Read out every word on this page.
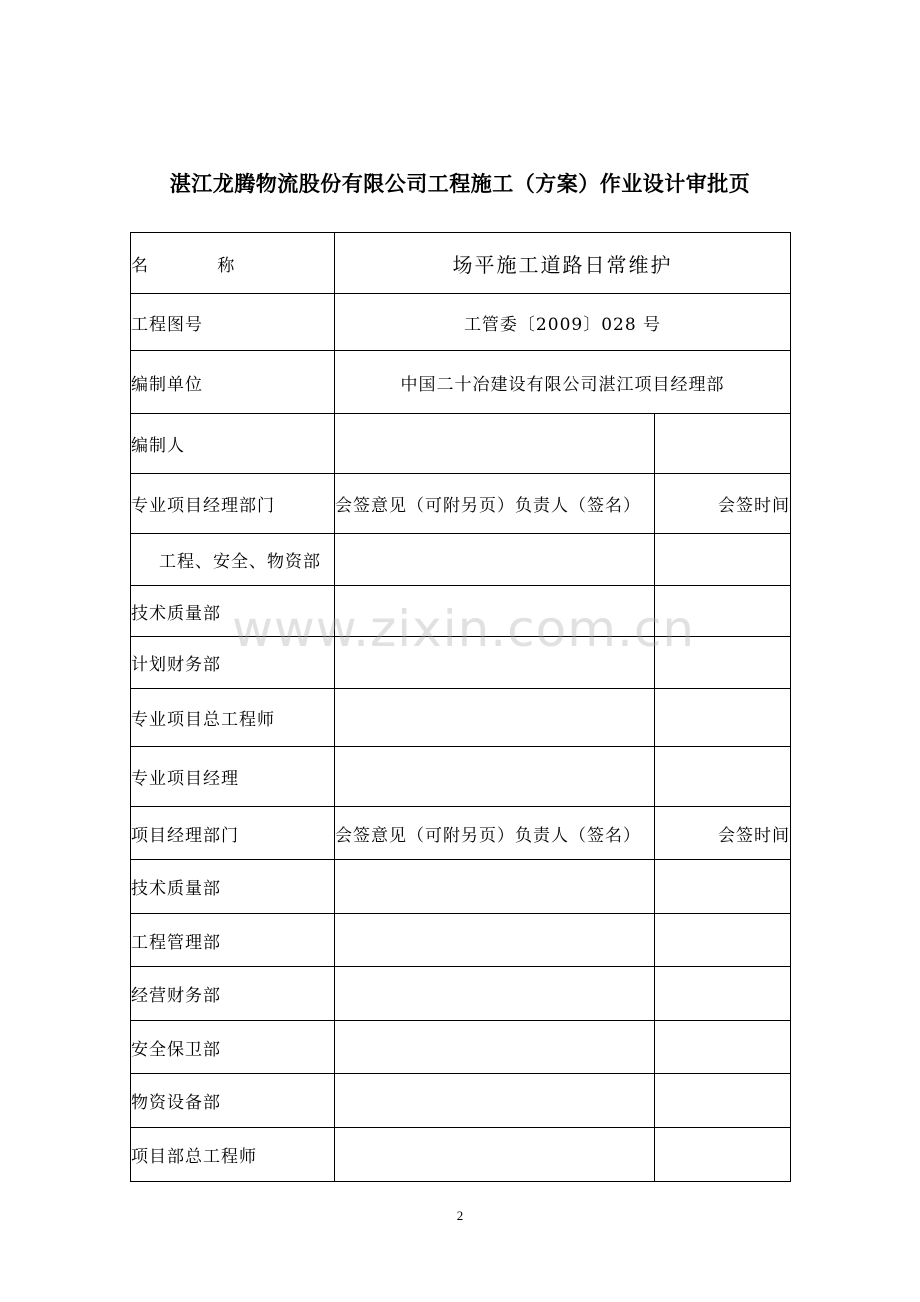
湛江龙腾物流股份有限公司工程施工（方案）作业设计审批页
名 称	场平施工道路日常维护	
工程图号	工管委〔2009〕028 号	
编制单位	中国二十冶建设有限公司湛江项目经理部	
编制人		
专业项目经理部门	会签意见（可附另页）负责人（签名）	会签时间
工程、安全、物资部		
技术质量部		
计划财务部		
专业项目总工程师		
专业项目经理		
项目经理部门	会签意见（可附另页）负责人（签名）	会签时间
技术质量部		
工程管理部		
经营财务部		
安全保卫部		
物资设备部		
项目部总工程师		
www.zixin.com.cn
2
